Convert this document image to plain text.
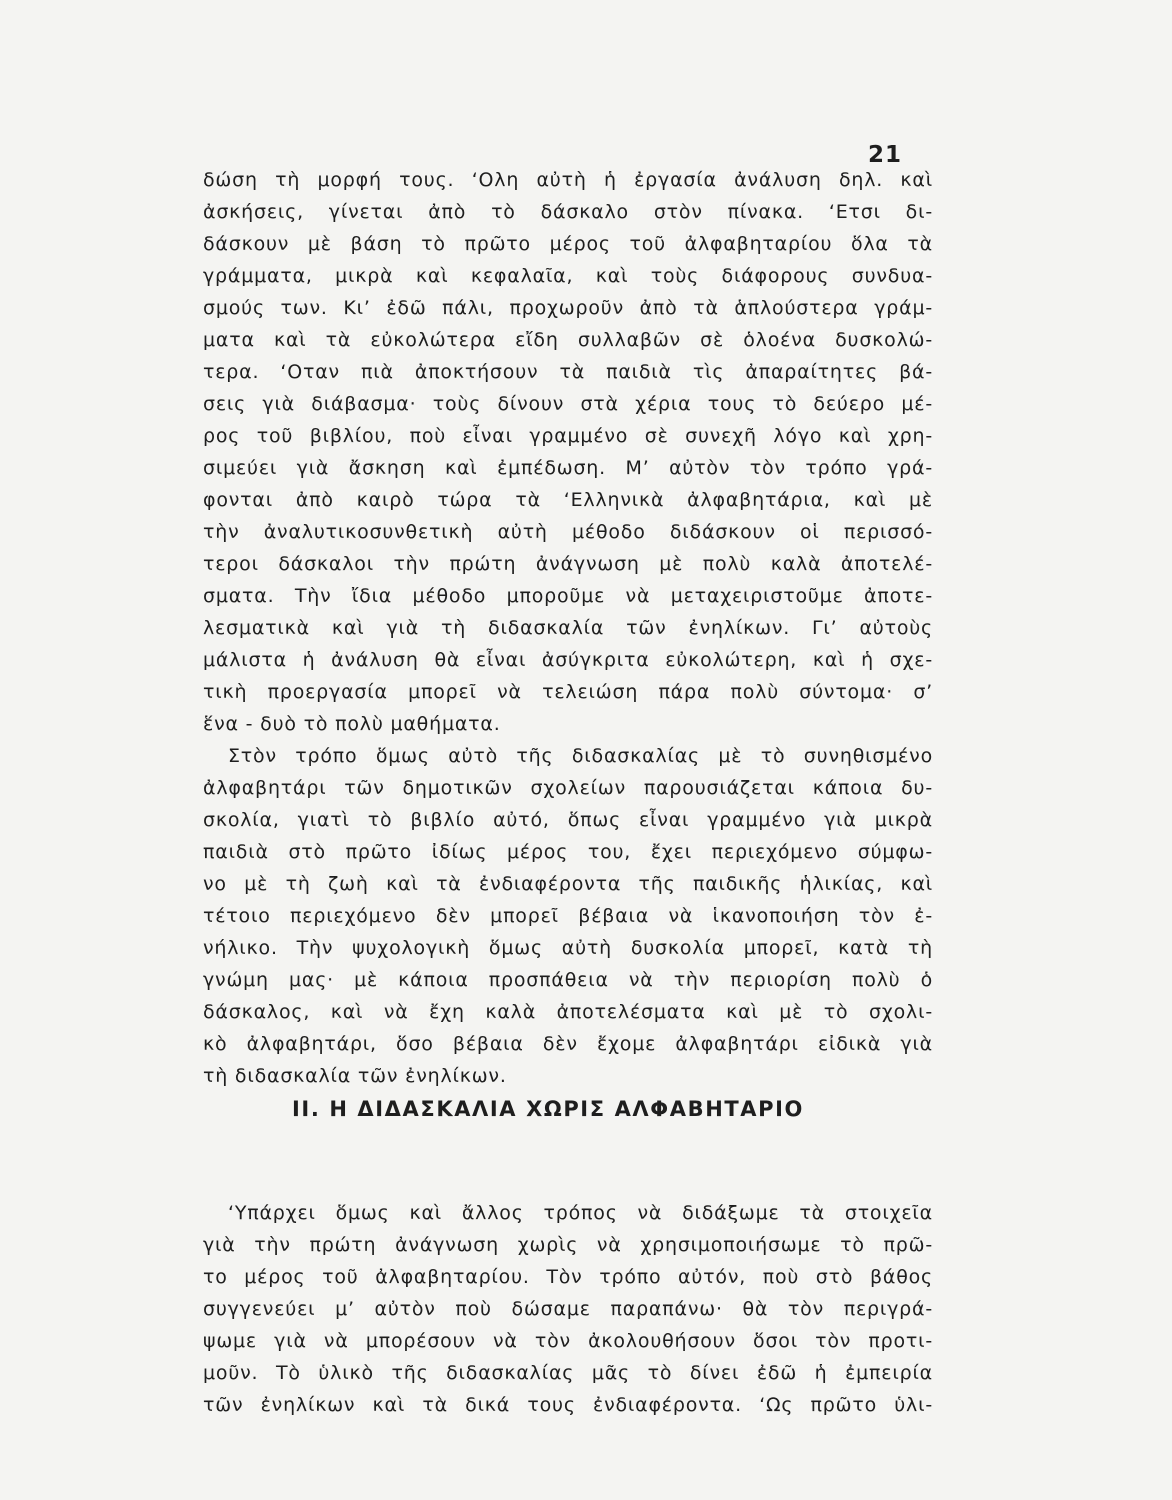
21
δώση τὴ μορφή τους. ʻΟλη αὐτὴ ἡ ἐργασία ἀνάλυση δηλ. καὶ
ἀσκήσεις, γίνεται ἀπὸ τὸ δάσκαλο στὸν πίνακα. ʻΕτσι δι-
δάσκουν μὲ βάση τὸ πρῶτο μέρος τοῦ ἀλφαβηταρίου ὅλα τὰ
γράμματα, μικρὰ καὶ κεφαλαῖα, καὶ τοὺς διάφορους συνδυα-
σμούς των. Κι’ ἐδῶ πάλι, προχωροῦν ἀπὸ τὰ ἁπλούστερα γράμ-
ματα καὶ τὰ εὐκολώτερα εἴδη συλλαβῶν σὲ ὁλοένα δυσκολώ-
τερα. ʻΟταν πιὰ ἀποκτήσουν τὰ παιδιὰ τὶς ἀπαραίτητες βά-
σεις γιὰ διάβασμα· τοὺς δίνουν στὰ χέρια τους τὸ δεύερο μέ-
ρος τοῦ βιβλίου, ποὺ εἶναι γραμμένο σὲ συνεχῆ λόγο καὶ χρη-
σιμεύει γιὰ ἄσκηση καὶ ἐμπέδωση. Μ’ αὐτὸν τὸν τρόπο γρά-
φονται ἀπὸ καιρὸ τώρα τὰ ʻΕλληνικὰ ἀλφαβητάρια, καὶ μὲ
τὴν ἀναλυτικοσυνθετικὴ αὐτὴ μέθοδο διδάσκουν οἱ περισσό-
τεροι δάσκαλοι τὴν πρώτη ἀνάγνωση μὲ πολὺ καλὰ ἀποτελέ-
σματα. Τὴν ἴδια μέθοδο μποροῦμε νὰ μεταχειριστοῦμε ἀποτε-
λεσματικὰ καὶ γιὰ τὴ διδασκαλία τῶν ἐνηλίκων. Γι’ αὐτοὺς
μάλιστα ἡ ἀνάλυση θὰ εἶναι ἀσύγκριτα εὐκολώτερη, καὶ ἡ σχε-
τικὴ προεργασία μπορεῖ νὰ τελειώση πάρα πολὺ σύντομα· σ’
ἕνα - δυὸ τὸ πολὺ μαθήματα.
Στὸν τρόπο ὅμως αὐτὸ τῆς διδασκαλίας μὲ τὸ συνηθισμένο
ἀλφαβητάρι τῶν δημοτικῶν σχολείων παρουσιάζεται κάποια δυ-
σκολία, γιατὶ τὸ βιβλίο αὐτό, ὅπως εἶναι γραμμένο γιὰ μικρὰ
παιδιὰ στὸ πρῶτο ἰδίως μέρος του, ἔχει περιεχόμενο σύμφω-
νο μὲ τὴ ζωὴ καὶ τὰ ἐνδιαφέροντα τῆς παιδικῆς ἡλικίας, καὶ
τέτοιο περιεχόμενο δὲν μπορεῖ βέβαια νὰ ἱκανοποιήση τὸν ἐ-
νήλικο. Τὴν ψυχολογικὴ ὅμως αὐτὴ δυσκολία μπορεῖ, κατὰ τὴ
γνώμη μας· μὲ κάποια προσπάθεια νὰ τὴν περιορίση πολὺ ὁ
δάσκαλος, καὶ νὰ ἔχη καλὰ ἀποτελέσματα καὶ μὲ τὸ σχολι-
κὸ ἀλφαβητάρι, ὅσο βέβαια δὲν ἔχομε ἀλφαβητάρι εἰδικὰ γιὰ
τὴ διδασκαλία τῶν ἐνηλίκων.
ΙΙ. Η ΔΙΔΑΣΚΑΛΙΑ ΧΩΡΙΣ ΑΛΦΑΒΗΤΑΡΙΟ
ʻΥπάρχει ὅμως καὶ ἄλλος τρόπος νὰ διδάξωμε τὰ στοιχεῖα
γιὰ τὴν πρώτη ἀνάγνωση χωρὶς νὰ χρησιμοποιήσωμε τὸ πρῶ-
το μέρος τοῦ ἀλφαβηταρίου. Τὸν τρόπο αὐτόν, ποὺ στὸ βάθος
συγγενεύει μ’ αὐτὸν ποὺ δώσαμε παραπάνω· θὰ τὸν περιγρά-
ψωμε γιὰ νὰ μπορέσουν νὰ τὸν ἀκολουθήσουν ὅσοι τὸν προτι-
μοῦν. Τὸ ὑλικὸ τῆς διδασκαλίας μᾶς τὸ δίνει ἐδῶ ἡ ἐμπειρία
τῶν ἐνηλίκων καὶ τὰ δικά τους ἐνδιαφέροντα. ʻΩς πρῶτο ὑλι-
